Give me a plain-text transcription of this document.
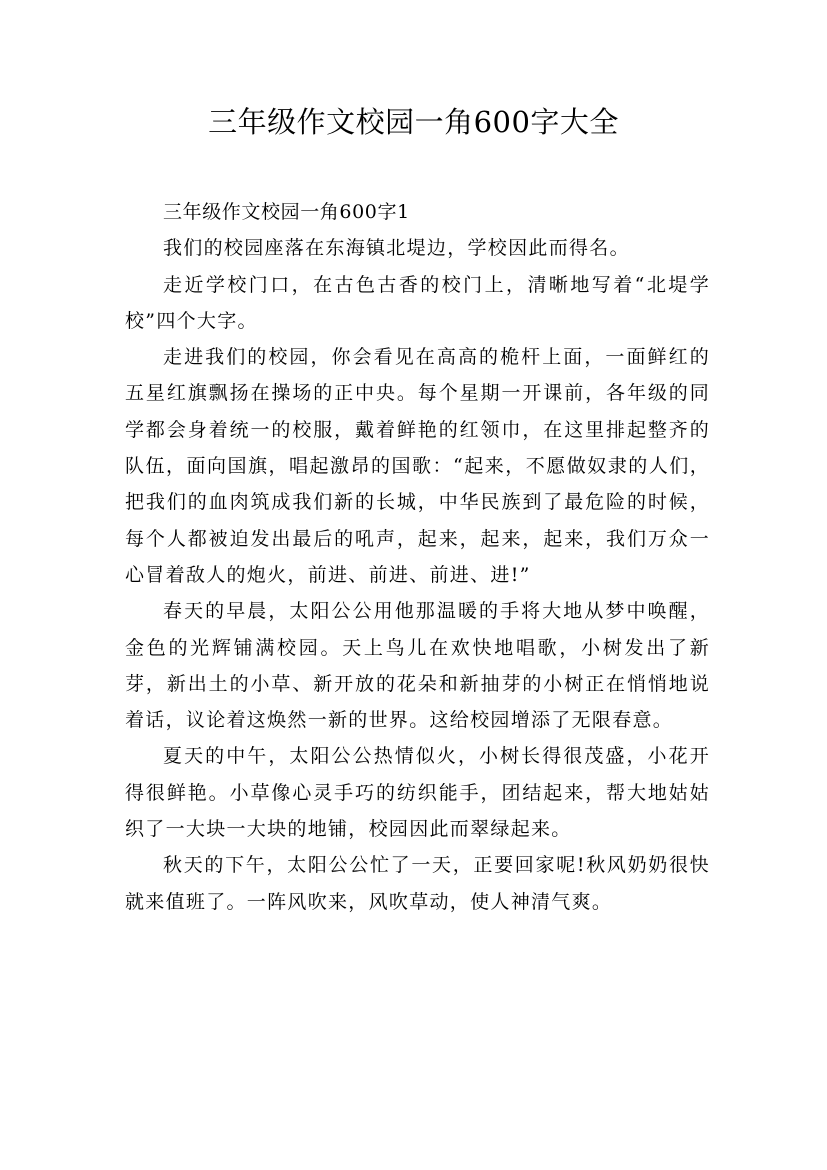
三年级作文校园一角600字大全

三年级作文校园一角600字1

我们的校园座落在东海镇北堤边，学校因此而得名。

走近学校门口，在古色古香的校门上，清晰地写着“北堤学校”四个大字。

走进我们的校园，你会看见在高高的桅杆上面，一面鲜红的五星红旗飘扬在操场的正中央。每个星期一开课前，各年级的同学都会身着统一的校服，戴着鲜艳的红领巾，在这里排起整齐的队伍，面向国旗，唱起激昂的国歌：“起来，不愿做奴隶的人们，把我们的血肉筑成我们新的长城，中华民族到了最危险的时候，每个人都被迫发出最后的吼声，起来，起来，起来，我们万众一心冒着敌人的炮火，前进、前进、前进、进!”

春天的早晨，太阳公公用他那温暖的手将大地从梦中唤醒，金色的光辉铺满校园。天上鸟儿在欢快地唱歌，小树发出了新芽，新出土的小草、新开放的花朵和新抽芽的小树正在悄悄地说着话，议论着这焕然一新的世界。这给校园增添了无限春意。

夏天的中午，太阳公公热情似火，小树长得很茂盛，小花开得很鲜艳。小草像心灵手巧的纺织能手，团结起来，帮大地姑姑织了一大块一大块的地铺，校园因此而翠绿起来。

秋天的下午，太阳公公忙了一天，正要回家呢!秋风奶奶很快就来值班了。一阵风吹来，风吹草动，使人神清气爽。
